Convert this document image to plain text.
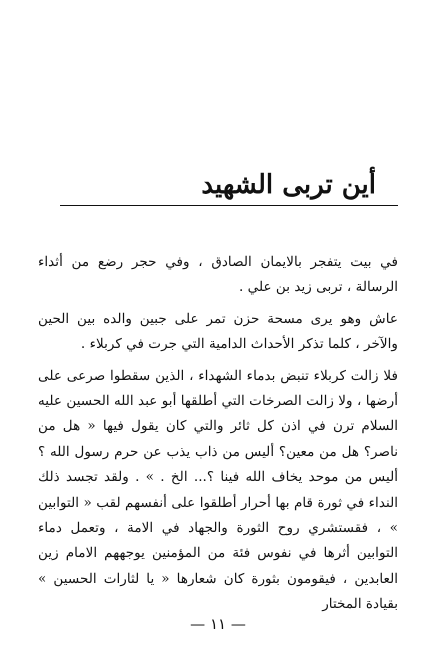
أين تربى الشهيد

في بيت يتفجر بالايمان الصادق ، وفي حجر رضع من أثداء الرسالة ، تربى زيد بن علي .

عاش وهو يرى مسحة حزن تمر على جبين والده بين الحين والآخر ، كلما تذكر الأحداث الدامية التي جرت في كربلاء .

فلا زالت كربلاء تنبض بدماء الشهداء ، الذين سقطوا صرعى على أرضها ، ولا زالت الصرخات التي أطلقها أبو عبد الله الحسين عليه السلام ترن في اذن كل ثائر والتي كان يقول فيها « هل من ناصر؟ هل من معين؟ أليس من ذاب يذب عن حرم رسول الله ؟ أليس من موحد يخاف الله فينا ؟... الخ . » . ولقد تجسد ذلك النداء في ثورة قام بها أحرار أطلقوا على أنفسهم لقب « التوابين » ، فقستشري روح الثورة والجهاد في الامة ، وتعمل دماء التوابين أثرها في نفوس فئة من المؤمنين يوجههم الامام زين العابدين ، فيقومون بثورة كان شعارها « يا لثارات الحسين » بقيادة المختار

— ١١ —
